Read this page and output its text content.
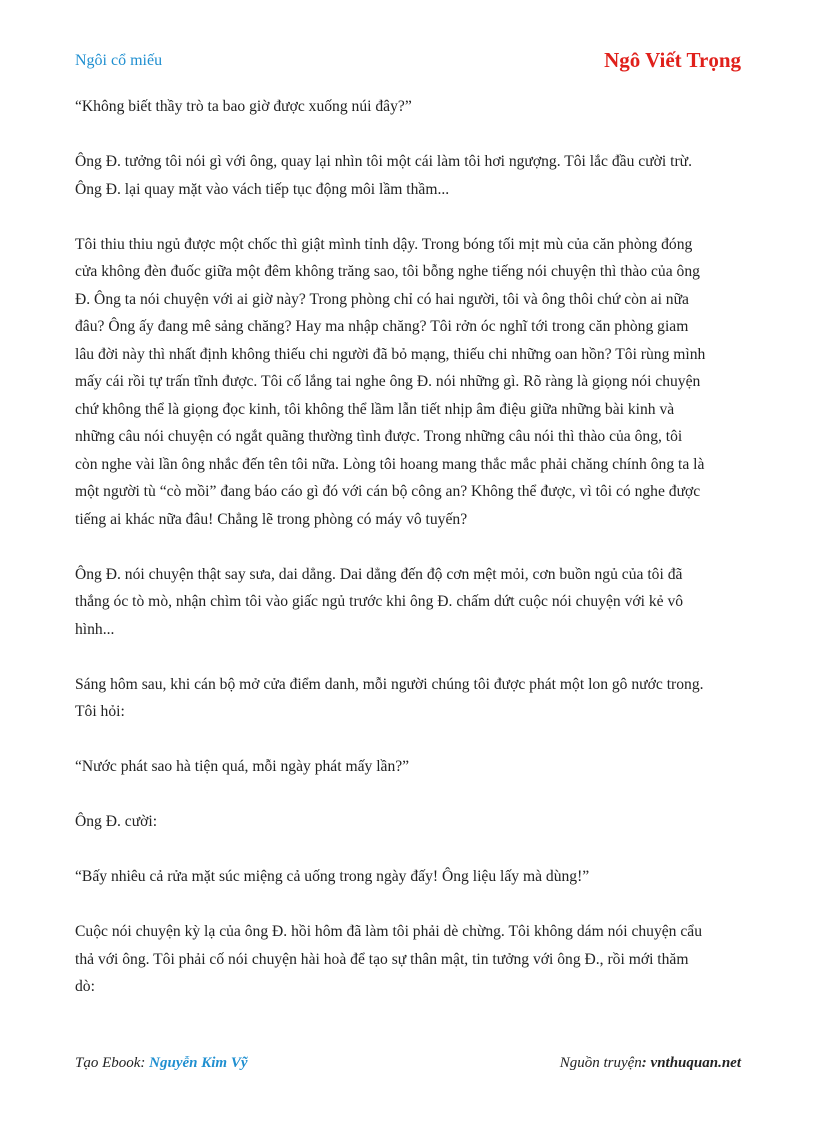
Ngôi cổ miếu	Ngô Viết Trọng

“Không biết thầy trò ta bao giờ được xuống núi đây?”

Ông Đ. tưởng tôi nói gì với ông, quay lại nhìn tôi một cái làm tôi hơi ngượng. Tôi lắc đầu cười trừ.
Ông Đ. lại quay mặt vào vách tiếp tục động môi lầm thầm...

Tôi thiu thiu ngủ được một chốc thì giật mình tỉnh dậy. Trong bóng tối mịt mù của căn phòng đóng
cửa không đèn đuốc giữa một đêm không trăng sao, tôi bỗng nghe tiếng nói chuyện thì thào của ông
Đ. Ông ta nói chuyện với ai giờ này? Trong phòng chỉ có hai người, tôi và ông thôi chứ còn ai nữa
đâu? Ông ấy đang mê sảng chăng? Hay ma nhập chăng? Tôi rởn óc nghĩ tới trong căn phòng giam
lâu đời này thì nhất định không thiếu chi người đã bỏ mạng, thiếu chi những oan hồn? Tôi rùng mình
mấy cái rồi tự trấn tĩnh được. Tôi cố lắng tai nghe ông Đ. nói những gì. Rõ ràng là giọng nói chuyện
chứ không thể là giọng đọc kinh, tôi không thể lầm lẫn tiết nhịp âm điệu giữa những bài kinh và
những câu nói chuyện có ngắt quãng thường tình được. Trong những câu nói thì thào của ông, tôi
còn nghe vài lần ông nhắc đến tên tôi nữa. Lòng tôi hoang mang thắc mắc phải chăng chính ông ta là
một người tù “cò mồi” đang báo cáo gì đó với cán bộ công an? Không thể được, vì tôi có nghe được
tiếng ai khác nữa đâu! Chẳng lẽ trong phòng có máy vô tuyến?

Ông Đ. nói chuyện thật say sưa, dai dẳng. Dai dẳng đến độ cơn mệt mỏi, cơn buồn ngủ của tôi đã
thắng óc tò mò, nhận chìm tôi vào giấc ngủ trước khi ông Đ. chấm dứt cuộc nói chuyện với kẻ vô
hình...

Sáng hôm sau, khi cán bộ mở cửa điểm danh, mỗi người chúng tôi được phát một lon gô nước trong.
Tôi hỏi:

“Nước phát sao hà tiện quá, mỗi ngày phát mấy lần?”

Ông Đ. cười:

“Bấy nhiêu cả rửa mặt súc miệng cả uống trong ngày đấy! Ông liệu lấy mà dùng!”

Cuộc nói chuyện kỳ lạ của ông Đ. hồi hôm đã làm tôi phải dè chừng. Tôi không dám nói chuyện cẩu
thả với ông. Tôi phải cố nói chuyện hài hoà để tạo sự thân mật, tin tưởng với ông Đ., rồi mới thăm
dò:

Tạo Ebook: Nguyễn Kim Vỹ	Nguồn truyện: vnthuquan.net
